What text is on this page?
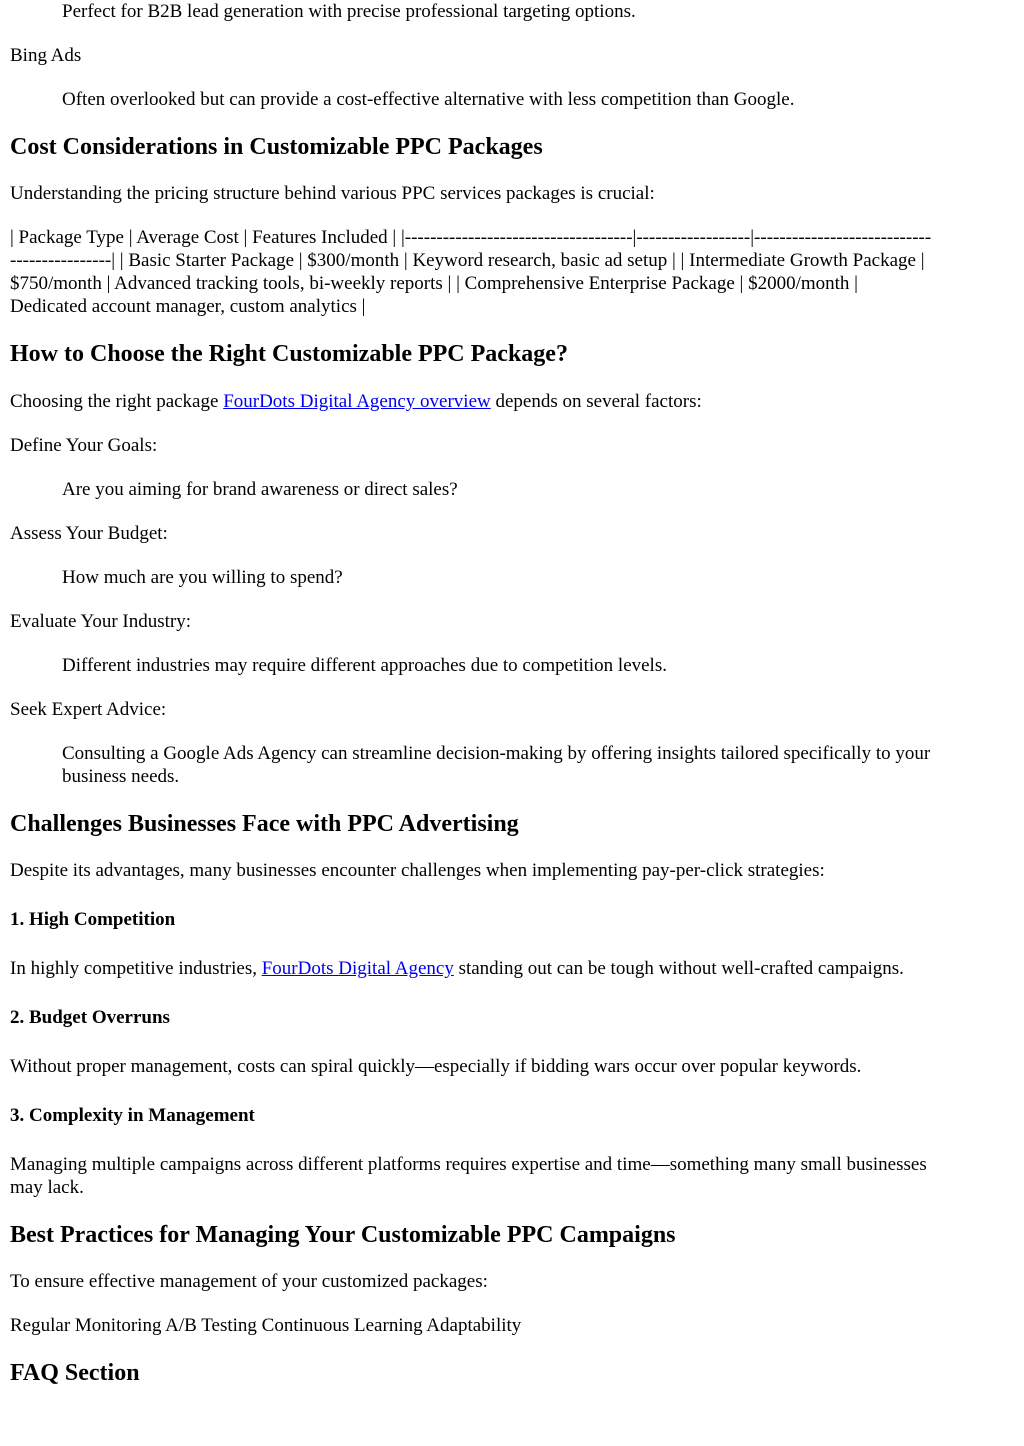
Perfect for B2B lead generation with precise professional targeting options.

Bing Ads

Often overlooked but can provide a cost-effective alternative with less competition than Google.

Cost Considerations in Customizable PPC Packages

Understanding the pricing structure behind various PPC services packages is crucial:

| Package Type | Average Cost | Features Included | |------------------------------------|------------------|----------------------------

----------------| | Basic Starter Package | $300/month | Keyword research, basic ad setup | | Intermediate Growth Package |

$750/month | Advanced tracking tools, bi-weekly reports | | Comprehensive Enterprise Package | $2000/month |

Dedicated account manager, custom analytics |

How to Choose the Right Customizable PPC Package?

Choosing the right package FourDots Digital Agency overview depends on several factors:

Define Your Goals:

Are you aiming for brand awareness or direct sales?

Assess Your Budget:

How much are you willing to spend?

Evaluate Your Industry:

Different industries may require different approaches due to competition levels.

Seek Expert Advice:

Consulting a Google Ads Agency can streamline decision-making by offering insights tailored specifically to your

business needs.

Challenges Businesses Face with PPC Advertising

Despite its advantages, many businesses encounter challenges when implementing pay-per-click strategies:

1. High Competition

In highly competitive industries, FourDots Digital Agency standing out can be tough without well-crafted campaigns.

2. Budget Overruns

Without proper management, costs can spiral quickly—especially if bidding wars occur over popular keywords.

3. Complexity in Management

Managing multiple campaigns across different platforms requires expertise and time—something many small businesses

may lack.

Best Practices for Managing Your Customizable PPC Campaigns

To ensure effective management of your customized packages:

Regular Monitoring A/B Testing Continuous Learning Adaptability

FAQ Section
